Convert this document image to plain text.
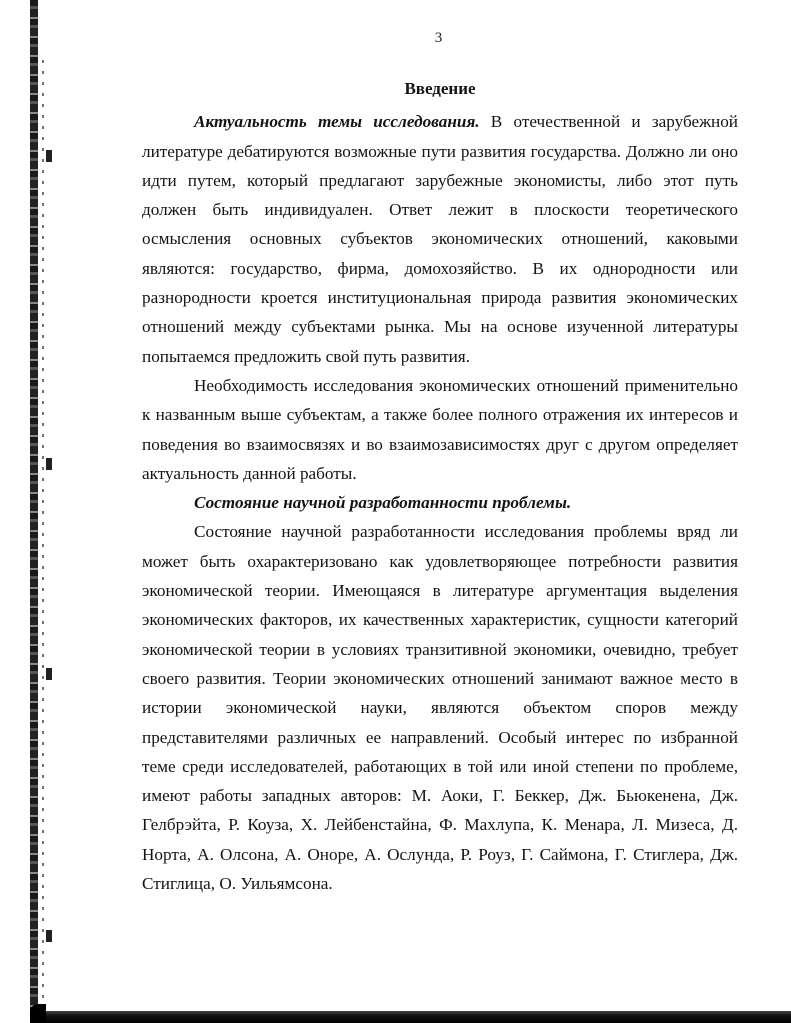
3
Введение

Актуальность темы исследования. В отечественной и зарубежной литературе дебатируются возможные пути развития государства. Должно ли оно идти путем, который предлагают зарубежные экономисты, либо этот путь должен быть индивидуален. Ответ лежит в плоскости теоретического осмысления основных субъектов экономических отношений, каковыми являются: государство, фирма, домохозяйство. В их однородности или разнородности кроется институциональная природа развития экономических отношений между субъектами рынка. Мы на основе изученной литературы попытаемся предложить свой путь развития.

Необходимость исследования экономических отношений применительно к названным выше субъектам, а также более полного отражения их интересов и поведения во взаимосвязях и во взаимозависимостях друг с другом определяет актуальность данной работы.

Состояние научной разработанности проблемы.

Состояние научной разработанности исследования проблемы вряд ли может быть охарактеризовано как удовлетворяющее потребности развития экономической теории. Имеющаяся в литературе аргументация выделения экономических факторов, их качественных характеристик, сущности категорий экономической теории в условиях транзитивной экономики, очевидно, требует своего развития. Теории экономических отношений занимают важное место в истории экономической науки, являются объектом споров между представителями различных ее направлений. Особый интерес по избранной теме среди исследователей, работающих в той или иной степени по проблеме, имеют работы западных авторов: М. Аоки, Г. Беккер, Дж. Бьюкенена, Дж. Гелбрэйта, Р. Коуза, Х. Лейбенстайна, Ф. Махлупа, К. Менара, Л. Мизеса, Д. Норта, А. Олсона, А. Оноре, А. Ослунда, Р. Роуз, Г. Саймона, Г. Стиглера, Дж. Стиглица, О. Уильямсона.
